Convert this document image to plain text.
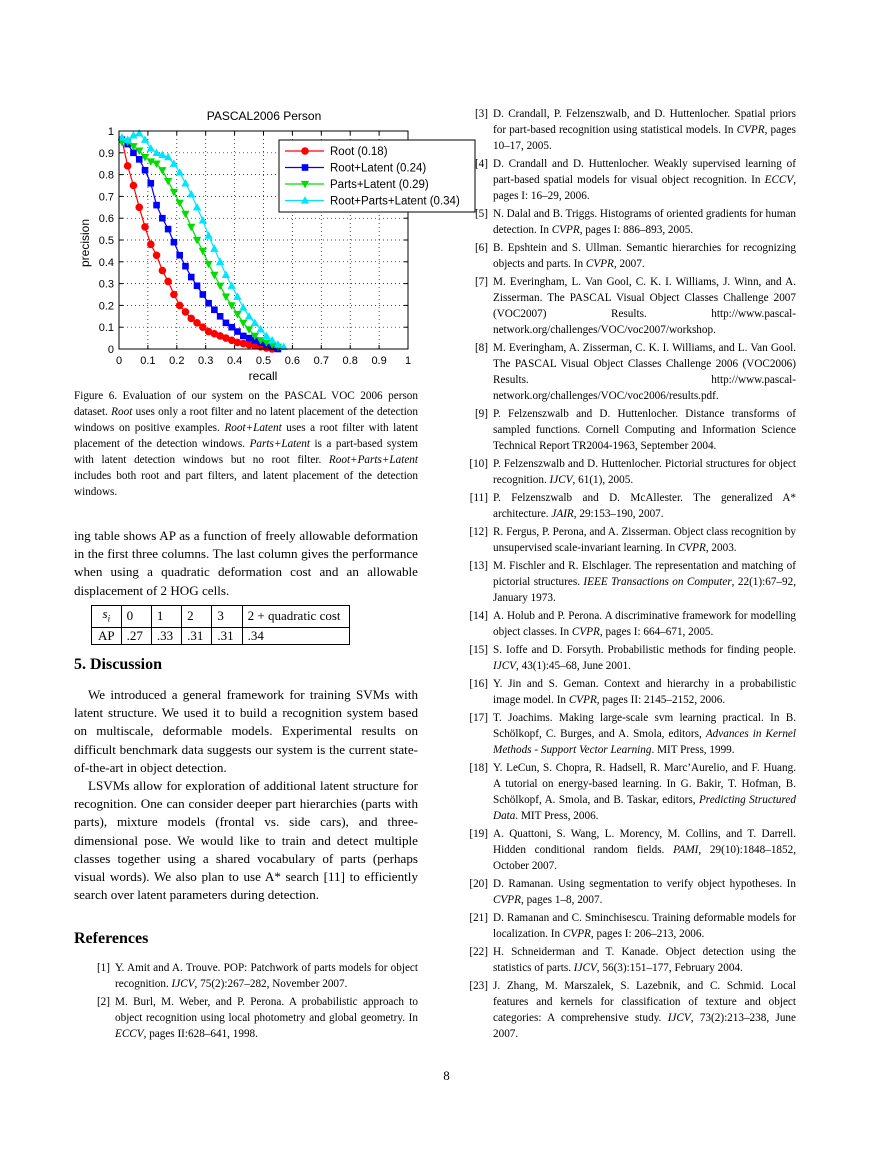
PASCAL2006 Person
precision
recall
0 0.1 0.2 0.3 0.4 0.5 0.6 0.7 0.8 0.9 1
0
0.1
0.2
0.3
0.4
0.5
0.6
0.7
0.8
0.9
1
Root (0.18)
Root+Latent (0.24)
Parts+Latent (0.29)
Root+Parts+Latent (0.34)
Figure 6. Evaluation of our system on the PASCAL VOC 2006 person dataset. Root uses only a root filter and no latent placement of the detection windows on positive examples. Root+Latent uses a root filter with latent placement of the detection windows. Parts+Latent is a part-based system with latent detection windows but no root filter. Root+Parts+Latent includes both root and part filters, and latent placement of the detection windows.

ing table shows AP as a function of freely allowable deformation in the first three columns. The last column gives the performance when using a quadratic deformation cost and an allowable displacement of 2 HOG cells.

$s_i$	0	1	2	3	2 + quadratic cost
AP	.27	.33	.31	.31	.34
5. Discussion

We introduced a general framework for training SVMs with latent structure. We used it to build a recognition system based on multiscale, deformable models. Experimental results on difficult benchmark data suggests our system is the current state-of-the-art in object detection.

LSVMs allow for exploration of additional latent structure for recognition. One can consider deeper part hierarchies (parts with parts), mixture models (frontal vs. side cars), and three-dimensional pose. We would like to train and detect multiple classes together using a shared vocabulary of parts (perhaps visual words). We also plan to use A* search [11] to efficiently search over latent parameters during detection.

References
[1] Y. Amit and A. Trouve. POP: Patchwork of parts models for object recognition. IJCV, 75(2):267–282, November 2007.
[2] M. Burl, M. Weber, and P. Perona. A probabilistic approach to object recognition using local photometry and global geometry. In ECCV, pages II:628–641, 1998.
[3] D. Crandall, P. Felzenszwalb, and D. Huttenlocher. Spatial priors for part-based recognition using statistical models. In CVPR, pages 10–17, 2005.
[4] D. Crandall and D. Huttenlocher. Weakly supervised learning of part-based spatial models for visual object recognition. In ECCV, pages I: 16–29, 2006.
[5] N. Dalal and B. Triggs. Histograms of oriented gradients for human detection. In CVPR, pages I: 886–893, 2005.
[6] B. Epshtein and S. Ullman. Semantic hierarchies for recognizing objects and parts. In CVPR, 2007.
[7] M. Everingham, L. Van Gool, C. K. I. Williams, J. Winn, and A. Zisserman. The PASCAL Visual Object Classes Challenge 2007 (VOC2007) Results. http://www.pascal-network.org/challenges/VOC/voc2007/workshop.
[8] M. Everingham, A. Zisserman, C. K. I. Williams, and L. Van Gool. The PASCAL Visual Object Classes Challenge 2006 (VOC2006) Results. http://www.pascal-network.org/challenges/VOC/voc2006/results.pdf.
[9] P. Felzenszwalb and D. Huttenlocher. Distance transforms of sampled functions. Cornell Computing and Information Science Technical Report TR2004-1963, September 2004.
[10] P. Felzenszwalb and D. Huttenlocher. Pictorial structures for object recognition. IJCV, 61(1), 2005.
[11] P. Felzenszwalb and D. McAllester. The generalized A* architecture. JAIR, 29:153–190, 2007.
[12] R. Fergus, P. Perona, and A. Zisserman. Object class recognition by unsupervised scale-invariant learning. In CVPR, 2003.
[13] M. Fischler and R. Elschlager. The representation and matching of pictorial structures. IEEE Transactions on Computer, 22(1):67–92, January 1973.
[14] A. Holub and P. Perona. A discriminative framework for modelling object classes. In CVPR, pages I: 664–671, 2005.
[15] S. Ioffe and D. Forsyth. Probabilistic methods for finding people. IJCV, 43(1):45–68, June 2001.
[16] Y. Jin and S. Geman. Context and hierarchy in a probabilistic image model. In CVPR, pages II: 2145–2152, 2006.
[17] T. Joachims. Making large-scale svm learning practical. In B. Schölkopf, C. Burges, and A. Smola, editors, Advances in Kernel Methods - Support Vector Learning. MIT Press, 1999.
[18] Y. LeCun, S. Chopra, R. Hadsell, R. Marc’Aurelio, and F. Huang. A tutorial on energy-based learning. In G. Bakir, T. Hofman, B. Schölkopf, A. Smola, and B. Taskar, editors, Predicting Structured Data. MIT Press, 2006.
[19] A. Quattoni, S. Wang, L. Morency, M. Collins, and T. Darrell. Hidden conditional random fields. PAMI, 29(10):1848–1852, October 2007.
[20] D. Ramanan. Using segmentation to verify object hypotheses. In CVPR, pages 1–8, 2007.
[21] D. Ramanan and C. Sminchisescu. Training deformable models for localization. In CVPR, pages I: 206–213, 2006.
[22] H. Schneiderman and T. Kanade. Object detection using the statistics of parts. IJCV, 56(3):151–177, February 2004.
[23] J. Zhang, M. Marszalek, S. Lazebnik, and C. Schmid. Local features and kernels for classification of texture and object categories: A comprehensive study. IJCV, 73(2):213–238, June 2007.
8
